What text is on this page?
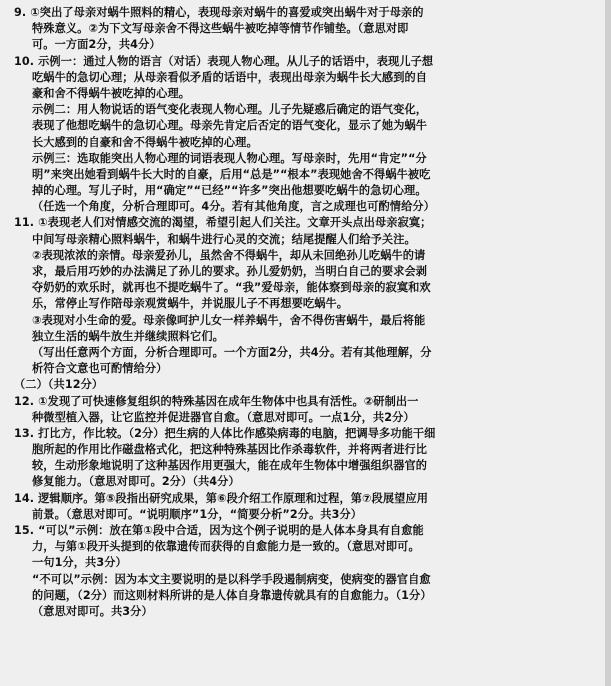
9. ①突出了母亲对蜗牛照料的精心，表现母亲对蜗牛的喜爱或突出蜗牛对于母亲的
特殊意义。②为下文写母亲舍不得这些蜗牛被吃掉等情节作铺垫。（意思对即
可。一方面2分，共4分）
10. 示例一：通过人物的语言（对话）表现人物心理。从儿子的话语中，表现儿子想
吃蜗牛的急切心理；从母亲看似矛盾的话语中，表现出母亲为蜗牛长大感到的自
豪和舍不得蜗牛被吃掉的心理。
示例二：用人物说话的语气变化表现人物心理。儿子先疑惑后确定的语气变化，
表现了他想吃蜗牛的急切心理。母亲先肯定后否定的语气变化，显示了她为蜗牛
长大感到的自豪和舍不得蜗牛被吃掉的心理。
示例三：选取能突出人物心理的词语表现人物心理。写母亲时，先用“肯定”“分
明”来突出她看到蜗牛长大时的自豪，后用“总是”“根本”表现她舍不得蜗牛被吃
掉的心理。写儿子时，用“确定”“已经”“许多”突出他想要吃蜗牛的急切心理。
（任选一个角度，分析合理即可。4分。若有其他角度，言之成理也可酌情给分）
11. ①表现老人们对情感交流的渴望，希望引起人们关注。文章开头点出母亲寂寞；
中间写母亲精心照料蜗牛，和蜗牛进行心灵的交流；结尾提醒人们给予关注。
②表现浓浓的亲情。母亲爱孙儿，虽然舍不得蜗牛，却从未回绝孙儿吃蜗牛的请
求，最后用巧妙的办法满足了孙儿的要求。孙儿爱奶奶，当明白自己的要求会剥
夺奶奶的欢乐时，就再也不提吃蜗牛了。“我”爱母亲，能体察到母亲的寂寞和欢
乐，常停止写作陪母亲观赏蜗牛，并说服儿子不再想要吃蜗牛。
③表现对小生命的爱。母亲像呵护儿女一样养蜗牛，舍不得伤害蜗牛，最后将能
独立生活的蜗牛放生并继续照料它们。
（写出任意两个方面，分析合理即可。一个方面2分，共4分。若有其他理解，分
析符合文意也可酌情给分）
（二）（共12分）
12. ①发现了可快速修复组织的特殊基因在成年生物体中也具有活性。②研制出一
种微型植入器，让它监控并促进器官自愈。（意思对即可。一点1分，共2分）
13. 打比方，作比较。（2分）把生病的人体比作感染病毒的电脑，把调导多功能干细
胞所起的作用比作磁盘格式化，把这种特殊基因比作杀毒软件，并将两者进行比
较，生动形象地说明了这种基因作用更强大，能在成年生物体中增强组织器官的
修复能力。（意思对即可。2分）（共4分）
14. 逻辑顺序。第⑤段指出研究成果，第⑥段介绍工作原理和过程，第⑦段展望应用
前景。（意思对即可。“说明顺序”1分，“简要分析”2分。共3分）
15. “可以”示例：放在第①段中合适，因为这个例子说明的是人体本身具有自愈能
力，与第①段开头提到的依靠遗传而获得的自愈能力是一致的。（意思对即可。
一句1分，共3分）
“不可以”示例：因为本文主要说明的是以科学手段遏制病变，使病变的器官自愈
的问题，（2分）而这则材料所讲的是人体自身靠遗传就具有的自愈能力。（1分）
（意思对即可。共3分）
